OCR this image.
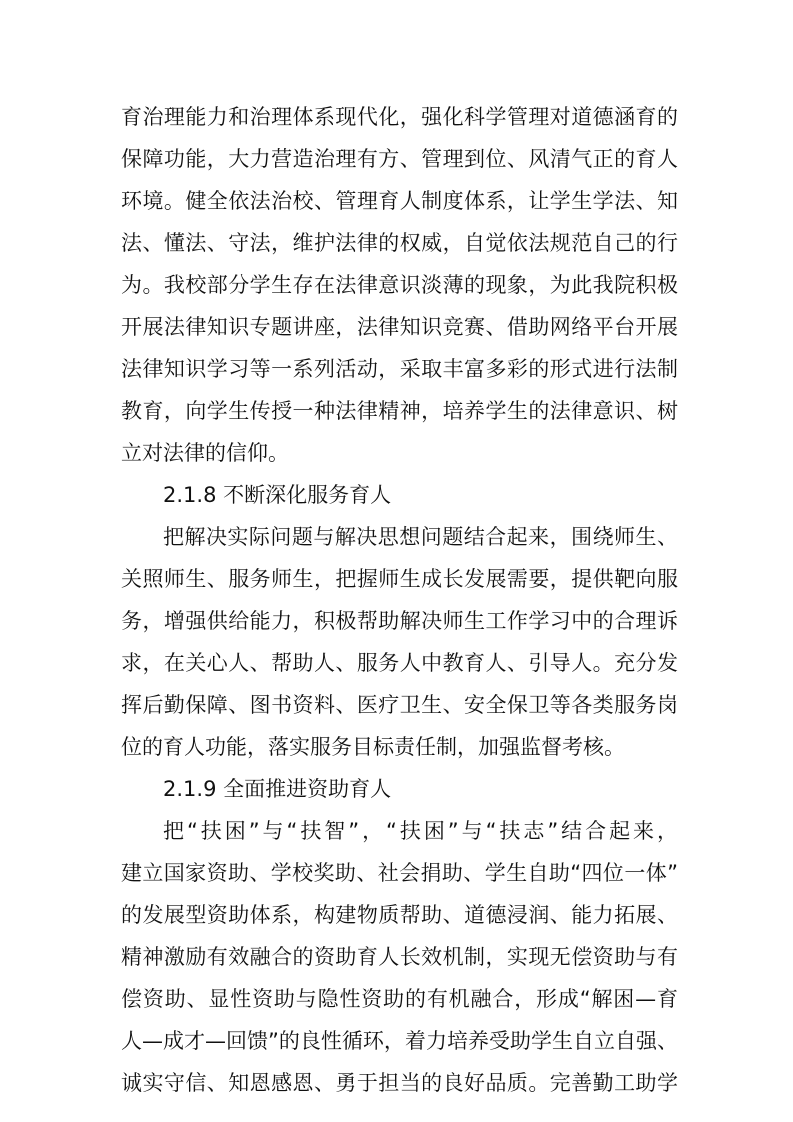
育治理能力和治理体系现代化，强化科学管理对道德涵育的
保障功能，大力营造治理有方、管理到位、风清气正的育人
环境。健全依法治校、管理育人制度体系，让学生学法、知
法、懂法、守法，维护法律的权威，自觉依法规范自己的行
为。我校部分学生存在法律意识淡薄的现象，为此我院积极
开展法律知识专题讲座，法律知识竞赛、借助网络平台开展
法律知识学习等一系列活动，采取丰富多彩的形式进行法制
教育，向学生传授一种法律精神，培养学生的法律意识、树
立对法律的信仰。
2.1.8 不断深化服务育人
把解决实际问题与解决思想问题结合起来，围绕师生、
关照师生、服务师生，把握师生成长发展需要，提供靶向服
务，增强供给能力，积极帮助解决师生工作学习中的合理诉
求，在关心人、帮助人、服务人中教育人、引导人。充分发
挥后勤保障、图书资料、医疗卫生、安全保卫等各类服务岗
位的育人功能，落实服务目标责任制，加强监督考核。
2.1.9 全面推进资助育人
把“扶困”与“扶智”，“扶困”与“扶志”结合起来，
建立国家资助、学校奖助、社会捐助、学生自助“四位一体”
的发展型资助体系，构建物质帮助、道德浸润、能力拓展、
精神激励有效融合的资助育人长效机制，实现无偿资助与有
偿资助、显性资助与隐性资助的有机融合，形成“解困—育
人—成才—回馈”的良性循环，着力培养受助学生自立自强、
诚实守信、知恩感恩、勇于担当的良好品质。完善勤工助学
